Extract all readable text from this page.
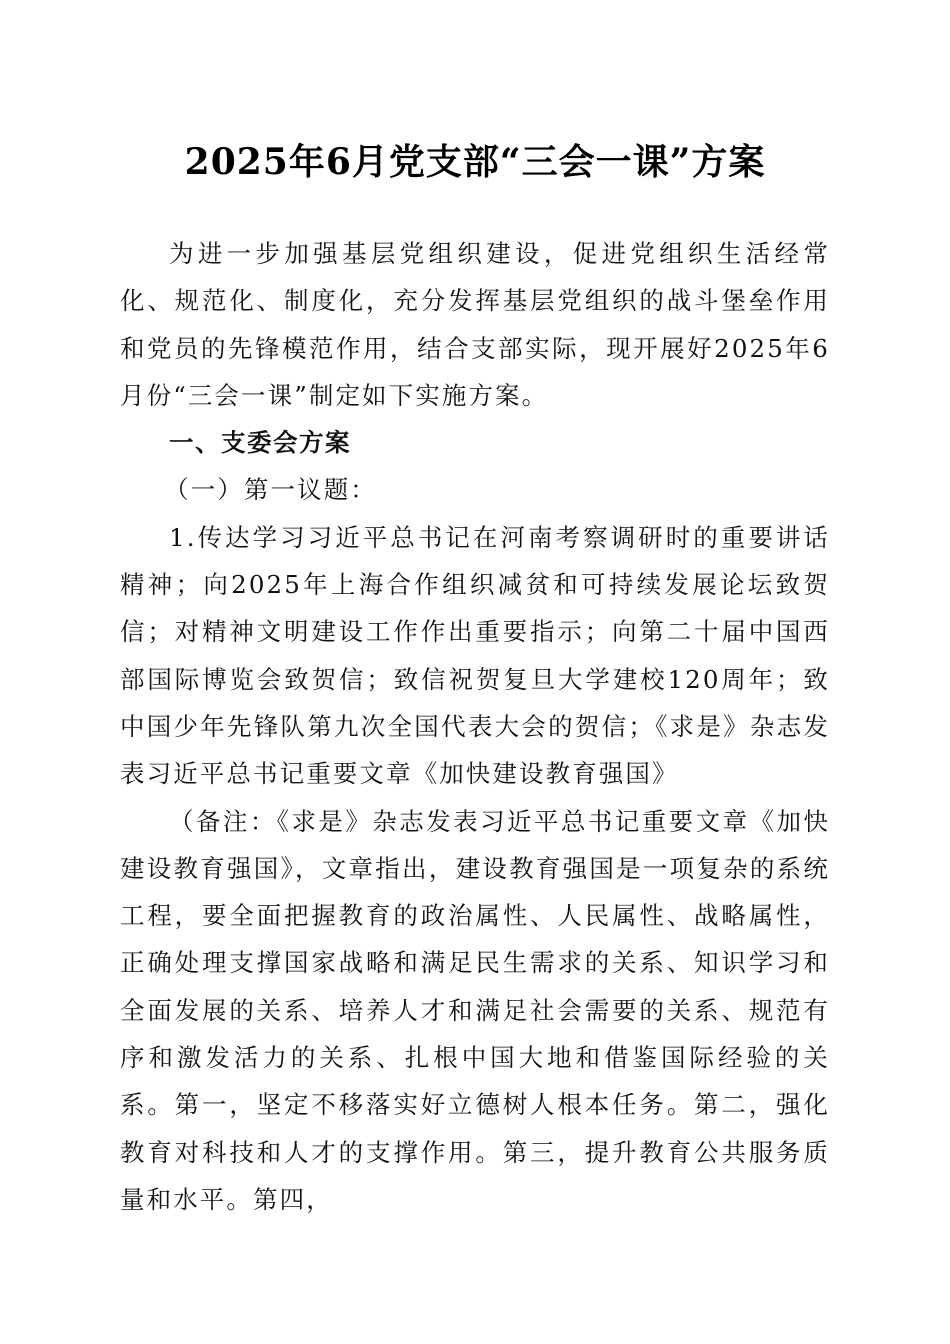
2025年6月党支部“三会一课”方案

为进一步加强基层党组织建设，促进党组织生活经常化、规范化、制度化，充分发挥基层党组织的战斗堡垒作用和党员的先锋模范作用，结合支部实际，现开展好2025年6月份“三会一课”制定如下实施方案。

一、支委会方案

（一）第一议题：

1.传达学习习近平总书记在河南考察调研时的重要讲话精神；向2025年上海合作组织减贫和可持续发展论坛致贺信；对精神文明建设工作作出重要指示；向第二十届中国西部国际博览会致贺信；致信祝贺复旦大学建校120周年；致中国少年先锋队第九次全国代表大会的贺信；《求是》杂志发表习近平总书记重要文章《加快建设教育强国》

（备注：《求是》杂志发表习近平总书记重要文章《加快建设教育强国》，文章指出，建设教育强国是一项复杂的系统工程，要全面把握教育的政治属性、人民属性、战略属性，正确处理支撑国家战略和满足民生需求的关系、知识学习和全面发展的关系、培养人才和满足社会需要的关系、规范有序和激发活力的关系、扎根中国大地和借鉴国际经验的关系。第一，坚定不移落实好立德树人根本任务。第二，强化教育对科技和人才的支撑作用。第三，提升教育公共服务质量和水平。第四，
